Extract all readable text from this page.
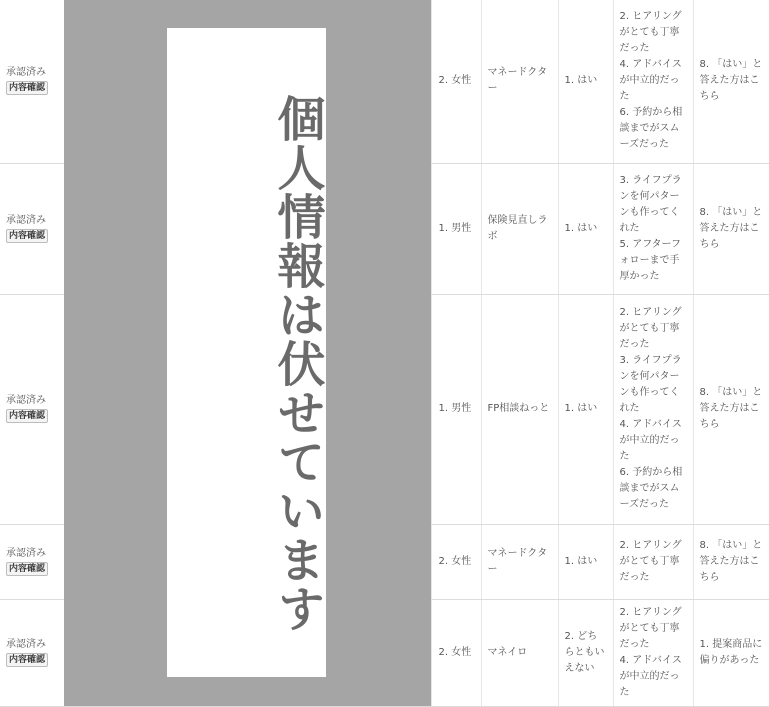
承認済み
内容確認		2. 女性	マネードクター	1. はい	2. ヒアリングがとても丁寧だった
4. アドバイスが中立的だった
6. 予約から相談までがスムーズだった	8. 「はい」と答えた方はこちら

承認済み
内容確認		1. 男性	保険見直しラボ	1. はい	3. ライフプランを何パターンも作ってくれた
5. アフターフォローまで手厚かった	8. 「はい」と答えた方はこちら

承認済み
内容確認		1. 男性	FP相談ねっと	1. はい	2. ヒアリングがとても丁寧だった
3. ライフプランを何パターンも作ってくれた
4. アドバイスが中立的だった
6. 予約から相談までがスムーズだった	8. 「はい」と答えた方はこちら

承認済み
内容確認		2. 女性	マネードクター	1. はい	2. ヒアリングがとても丁寧だった	8. 「はい」と答えた方はこちら

承認済み
内容確認		2. 女性	マネイロ	2. どちらともいえない	2. ヒアリングがとても丁寧だった
4. アドバイスが中立的だった	1. 提案商品に偏りがあった
個人情報は伏せています
